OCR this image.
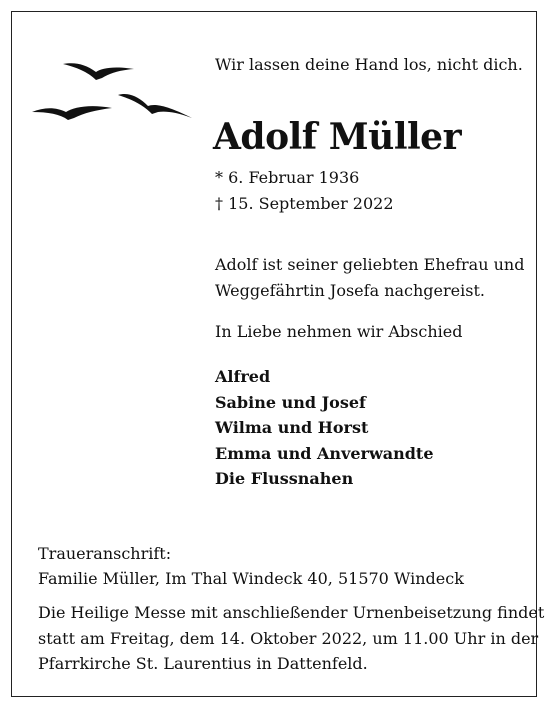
Wir lassen deine Hand los, nicht dich.
Adolf Müller
* 6. Februar 1936
† 15. September 2022
Adolf ist seiner geliebten Ehefrau und
Weggefährtin Josefa nachgereist.
In Liebe nehmen wir Abschied
Alfred
Sabine und Josef
Wilma und Horst
Emma und Anverwandte
Die Flussnahen
Traueranschrift:
Familie Müller, Im Thal Windeck 40, 51570 Windeck
Die Heilige Messe mit anschließender Urnenbeisetzung findet
statt am Freitag, dem 14. Oktober 2022, um 11.00 Uhr in der
Pfarrkirche St. Laurentius in Dattenfeld.
